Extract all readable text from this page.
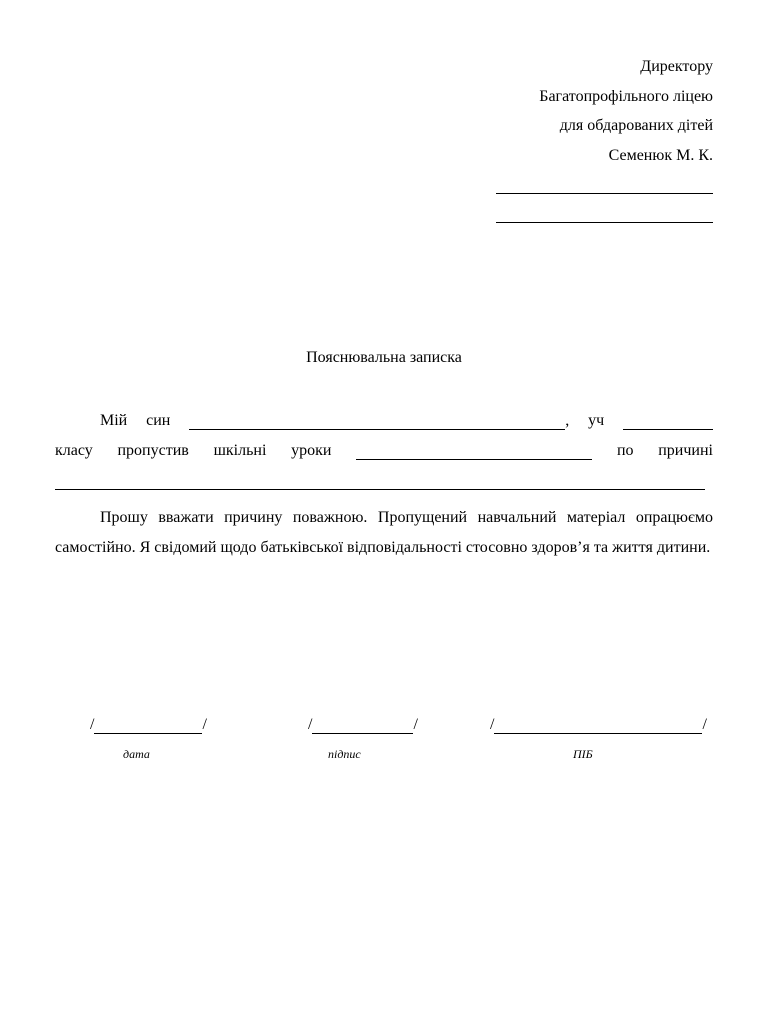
Директору
Багатопрофільного ліцею
для обдарованих дітей
Семенюк М. К.
Пояснювальна записка
Мій син	, уч
класу пропустив шкільні уроки	по причині
Прошу вважати причину поважною. Пропущений навчальний матеріал опрацюємо самостійно. Я свідомий щодо батьківської відповідальності стосовно здоров’я та життя дитини.
/	/
дата
/	/
підпис
/	/
ПІБ
